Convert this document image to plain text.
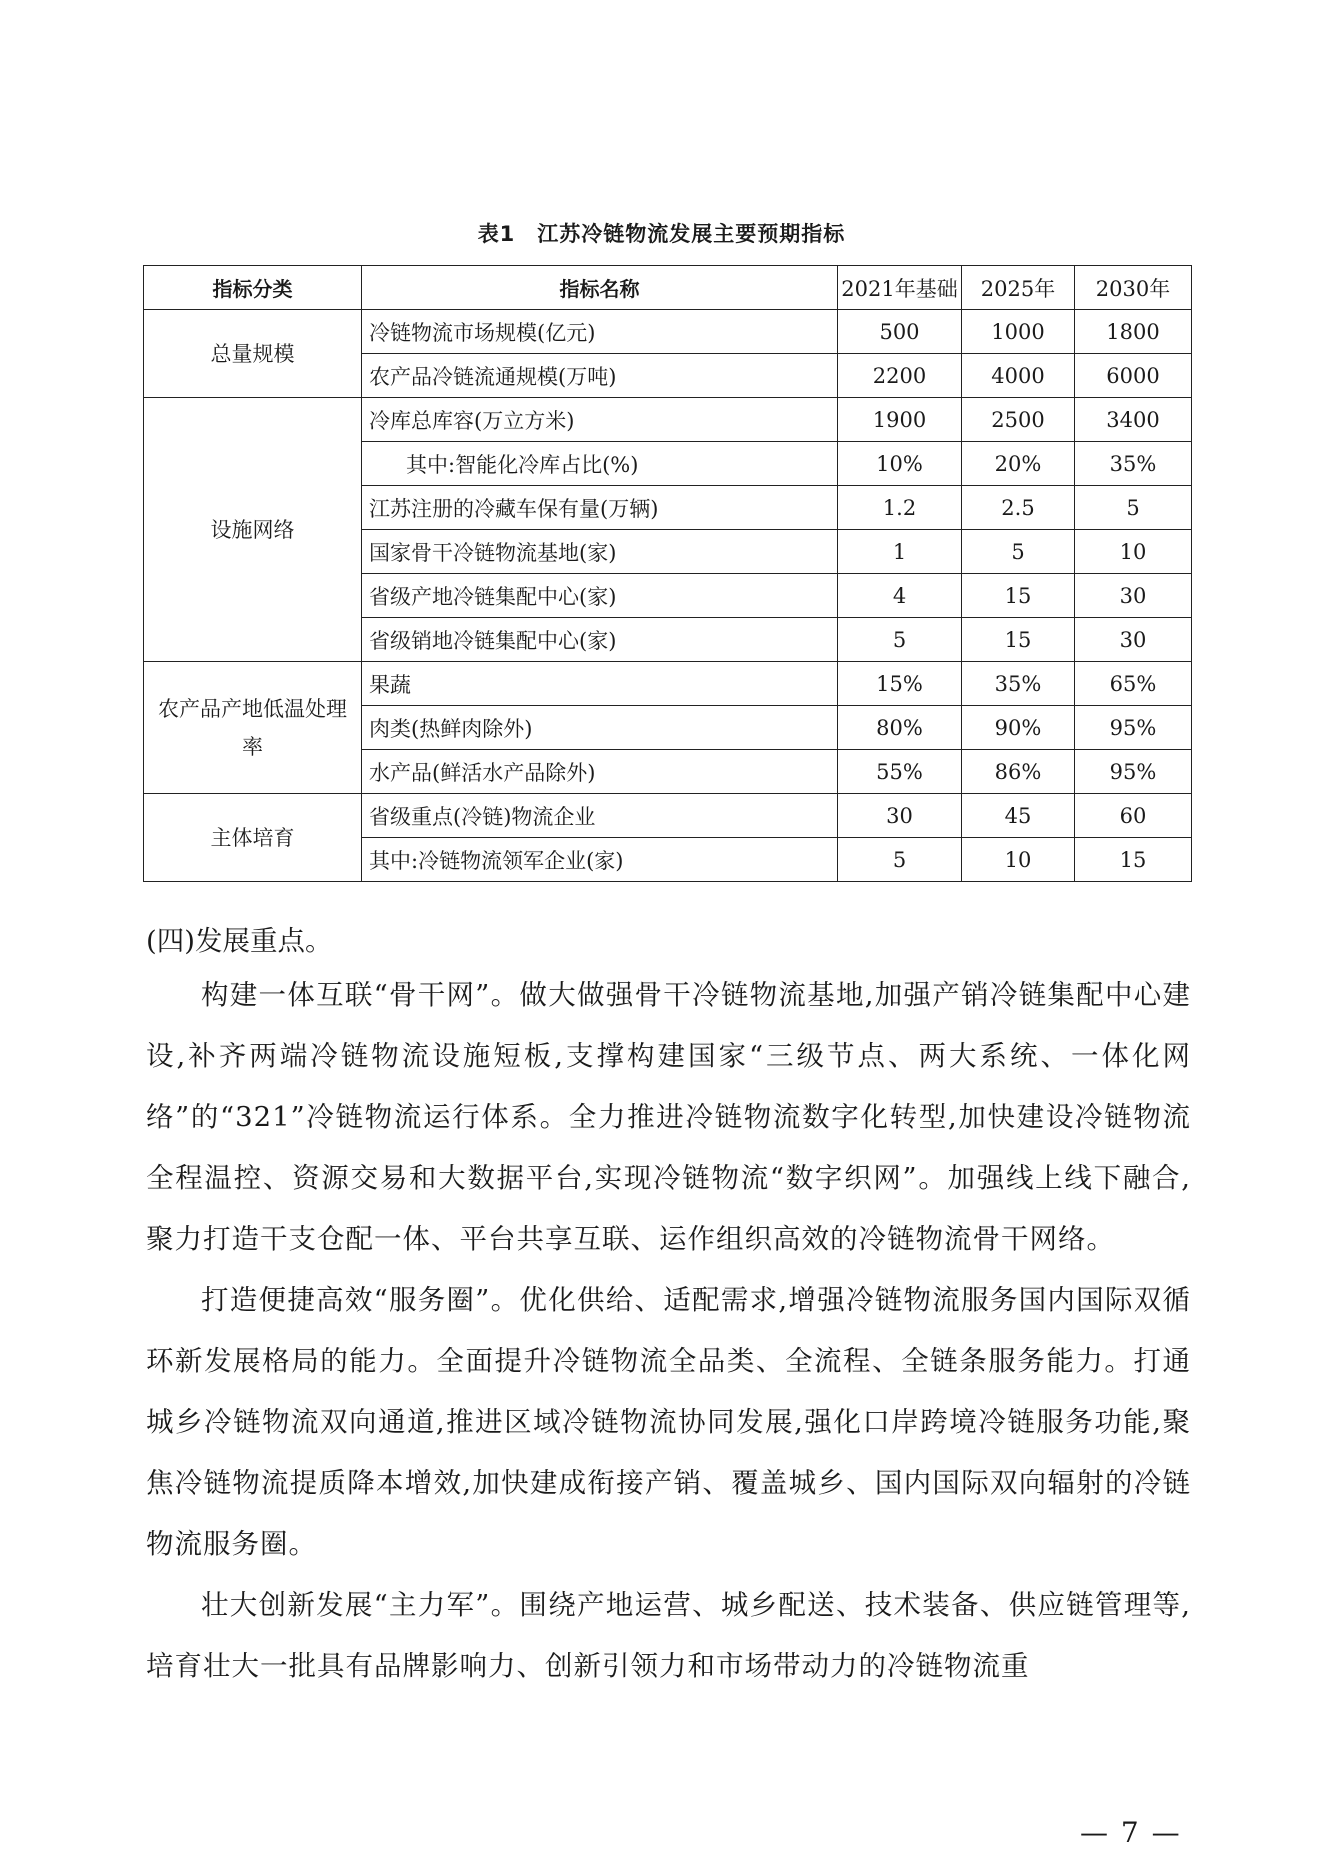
表1　江苏冷链物流发展主要预期指标
指标分类	指标名称	2021年基础	2025年	2030年
总量规模	冷链物流市场规模(亿元)	500	1000	1800
	农产品冷链流通规模(万吨)	2200	4000	6000
设施网络	冷库总库容(万立方米)	1900	2500	3400
	其中:智能化冷库占比(%)	10%	20%	35%
	江苏注册的冷藏车保有量(万辆)	1.2	2.5	5
	国家骨干冷链物流基地(家)	1	5	10
	省级产地冷链集配中心(家)	4	15	30
	省级销地冷链集配中心(家)	5	15	30
农产品产地低温处理率	果蔬	15%	35%	65%
	肉类(热鲜肉除外)	80%	90%	95%
	水产品(鲜活水产品除外)	55%	86%	95%
主体培育	省级重点(冷链)物流企业	30	45	60
	其中:冷链物流领军企业(家)	5	10	15
(四)发展重点。

构建一体互联“骨干网”。做大做强骨干冷链物流基地,加强产销冷链集配中心建设,补齐两端冷链物流设施短板,支撑构建国家“三级节点、两大系统、一体化网络”的“321”冷链物流运行体系。全力推进冷链物流数字化转型,加快建设冷链物流全程温控、资源交易和大数据平台,实现冷链物流“数字织网”。加强线上线下融合,聚力打造干支仓配一体、平台共享互联、运作组织高效的冷链物流骨干网络。

打造便捷高效“服务圈”。优化供给、适配需求,增强冷链物流服务国内国际双循环新发展格局的能力。全面提升冷链物流全品类、全流程、全链条服务能力。打通城乡冷链物流双向通道,推进区域冷链物流协同发展,强化口岸跨境冷链服务功能,聚焦冷链物流提质降本增效,加快建成衔接产销、覆盖城乡、国内国际双向辐射的冷链物流服务圈。

壮大创新发展“主力军”。围绕产地运营、城乡配送、技术装备、供应链管理等,培育壮大一批具有品牌影响力、创新引领力和市场带动力的冷链物流重

— 7 —
